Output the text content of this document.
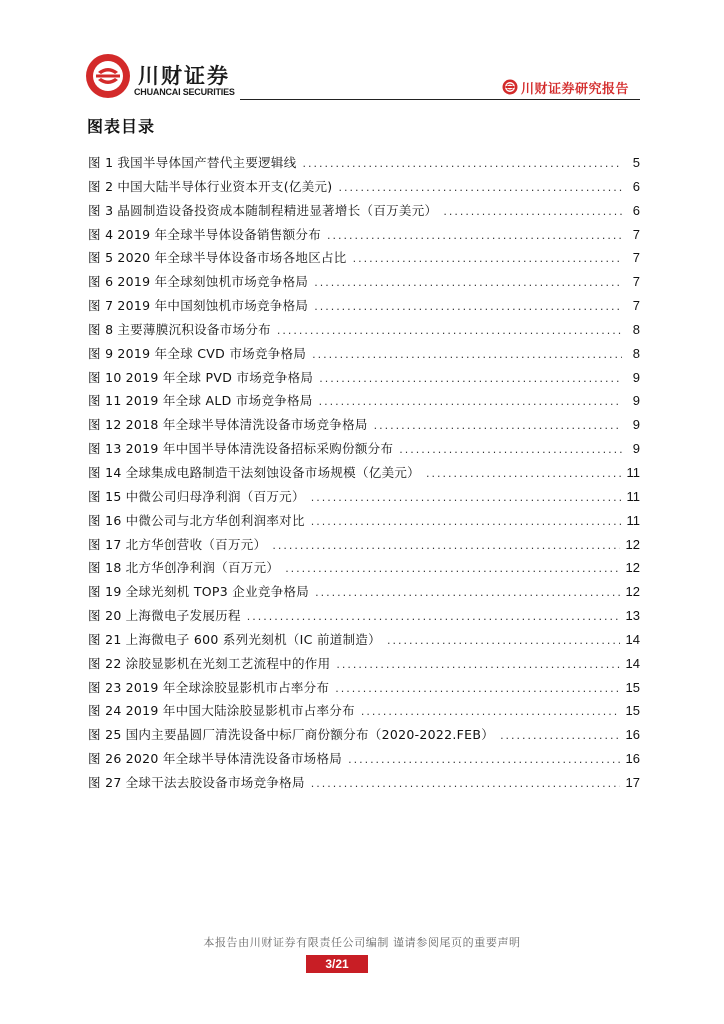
川财证券
CHUANCAI SECURITIES	川财证券研究报告
图表目录
图 1
我国半导体国产替代主要逻辑线 .....	5
图 2
中国大陆半导体行业资本开支(亿美元) .....	6
图 3
晶圆制造设备投资成本随制程精进显著增长（百万美元） .....	6
图 4
2019 年全球半导体设备销售额分布 .....	7
图 5
2020 年全球半导体设备市场各地区占比 .....	7
图 6
2019 年全球刻蚀机市场竞争格局 .....	7
图 7
2019 年中国刻蚀机市场竞争格局 .....	7
图 8
主要薄膜沉积设备市场分布 .....	8
图 9
2019 年全球 CVD 市场竞争格局 .....	8
图 10
2019 年全球 PVD 市场竞争格局 .....	9
图 11
2019 年全球 ALD 市场竞争格局 .....	9
图 12
2018 年全球半导体清洗设备市场竞争格局 .....	9
图 13
2019 年中国半导体清洗设备招标采购份额分布 .....	9
图 14
全球集成电路制造干法刻蚀设备市场规模（亿美元） .....	11
图 15
中微公司归母净利润（百万元） .....	11
图 16
中微公司与北方华创利润率对比 .....	11
图 17
北方华创营收（百万元） .....	12
图 18
北方华创净利润（百万元） .....	12
图 19
全球光刻机 TOP3 企业竞争格局 .....	12
图 20
上海微电子发展历程 .....	13
图 21
上海微电子 600 系列光刻机（IC 前道制造） .....	14
图 22
涂胶显影机在光刻工艺流程中的作用 .....	14
图 23
2019 年全球涂胶显影机市占率分布 .....	15
图 24
2019 年中国大陆涂胶显影机市占率分布 .....	15
图 25
国内主要晶圆厂清洗设备中标厂商份额分布（2020-2022.FEB） .....	16
图 26
2020 年全球半导体清洗设备市场格局 .....	16
图 27
全球干法去胶设备市场竞争格局 .....	17
本报告由川财证券有限责任公司编制 谨请参阅尾页的重要声明
3/21
